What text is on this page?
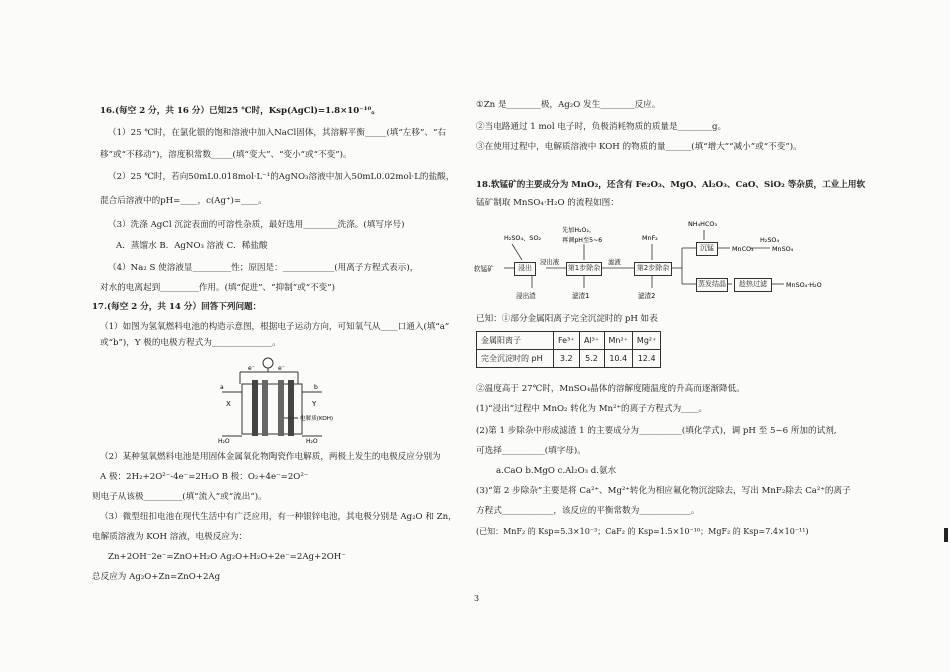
16.(每空 2 分，共 16 分）已知25 ℃时，Ksp(AgCl)=1.8×10⁻¹⁰。
（1）25 ℃时，在氯化银的饱和溶液中加入NaCl固体，其溶解平衡_____(填“左移”、“右
移”或“不移动”)，溶度积常数_____(填“变大”、“变小”或“不变”)。
（2）25 ℃时，若向50mL0.018mol·L⁻¹的AgNO₃溶液中加入50mL0.02mol·L的盐酸，
混合后溶液中的pH=____，c(Ag⁺)=____。
（3）洗涤 AgCl 沉淀表面的可溶性杂质，最好选用________洗涤。(填写序号)
A．蒸馏水 B．AgNO₃ 溶液 C．稀盐酸
（4）Na₂ S 使溶液显_________性；原因是：____________(用离子方程式表示)，
对水的电离起到_________作用。(填“促进”、“抑制”或“不变”)
17.(每空 2 分，共 14 分）回答下列问题：
（1）如图为氢氧燃料电池的构造示意图，根据电子运动方向，可知氧气从____口通入(填“a”
或“b”)，Y 极的电极方程式为______________。
e⁻	e⁻
a	b
X	Y
电解质(KOH)
H₂O	H₂O
（2）某种氢氧燃料电池是用固体金属氧化物陶瓷作电解质，两极上发生的电极反应分别为
A 极：2H₂+2O²⁻-4e⁻=2H₂O B 极：O₂+4e⁻=2O²⁻
则电子从该极_________(填“流入”或“流出”)。
（3）微型纽扣电池在现代生活中有广泛应用，有一种银锌电池，其电极分别是 Ag₂O 和 Zn，
电解质溶液为 KOH 溶液，电极反应为：
Zn+2OH⁻2e⁻=ZnO+H₂O Ag₂O+H₂O+2e⁻=2Ag+2OH⁻
总反应为 Ag₂O+Zn=ZnO+2Ag
①Zn 是________极，Ag₂O 发生________反应。
②当电路通过 1 mol 电子时，负极消耗物质的质量是________g。
③在使用过程中，电解质溶液中 KOH 的物质的量______(填“增大”“减小”或“不变”)。
18.软锰矿的主要成分为 MnO₂，还含有 Fe₂O₃、MgO、Al₂O₃、CaO、SiO₂ 等杂质，工业上用软
锰矿制取 MnSO₄·H₂O 的流程如图：
软锰矿
H₂SO₄、SO₂
浸出渣
浸出液
先加H₂O₂，
再调pH至5~6
滤渣1
滤液
MnF₂
滤渣2
NH₄HCO₃
MnCO₃
H₂SO₄
MnSO₄
MnSO₄·H₂O
浸出	第1步除杂	第2步除杂
沉锰
蒸发结晶	趁热过滤
已知：①部分金属阳离子完全沉淀时的 pH 如表
金属阳离子	Fe³⁺	Al³⁺	Mn²⁺	Mg²⁺
完全沉淀时的 pH	3.2	5.2	10.4	12.4
②温度高于 27℃时，MnSO₄晶体的溶解度随温度的升高而逐渐降低。
(1)“浸出”过程中 MnO₂ 转化为 Mn²⁺的离子方程式为____。
(2)第 1 步除杂中形成滤渣 1 的主要成分为__________(填化学式)，调 pH 至 5~6 所加的试剂,
可选择__________(填字母)。
a.CaO b.MgO c.Al₂O₃ d.氨水
(3)“第 2 步除杂”主要是将 Ca²⁺、Mg²⁺转化为相应氟化物沉淀除去，写出 MnF₂除去 Ca²⁺的离子
方程式____________，该反应的平衡常数为____________。
(已知：MnF₂ 的 Ksp=5.3×10⁻³；CaF₂ 的 Ksp=1.5×10⁻¹⁰；MgF₂ 的 Ksp=7.4×10⁻¹¹)
3
